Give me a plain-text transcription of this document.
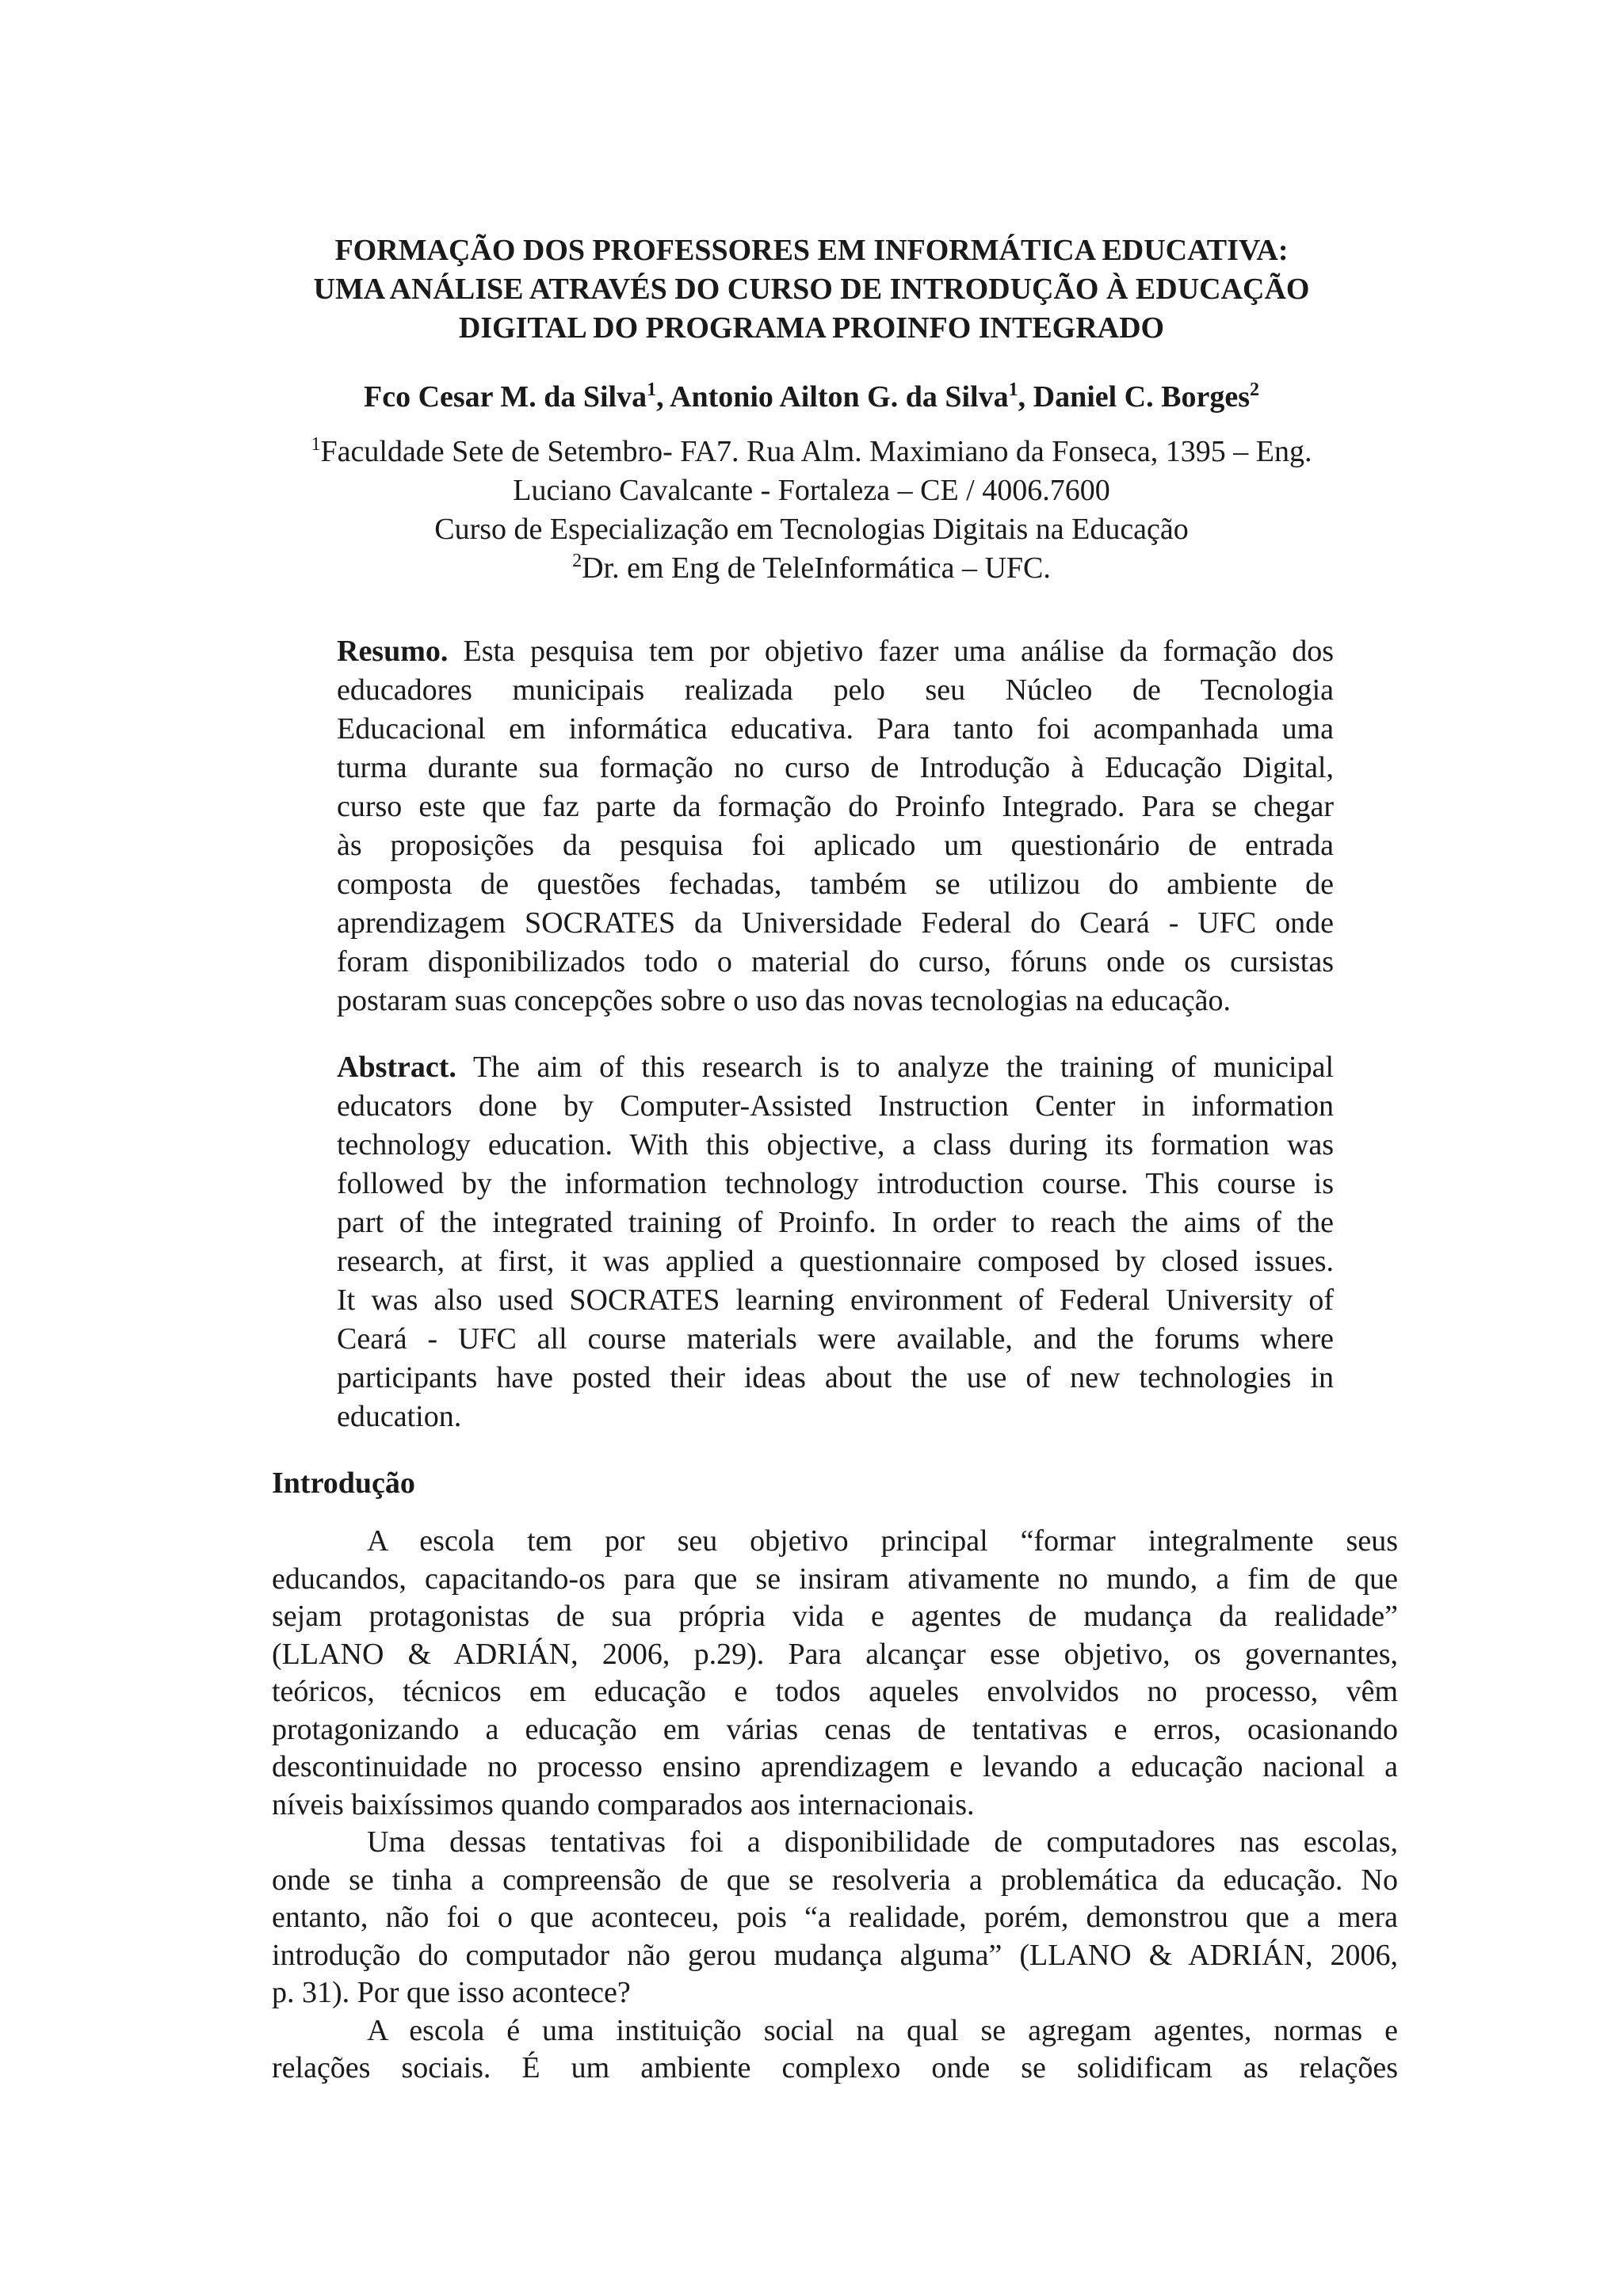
FORMAÇÃO DOS PROFESSORES EM INFORMÁTICA EDUCATIVA:
UMA ANÁLISE ATRAVÉS DO CURSO DE INTRODUÇÃO À EDUCAÇÃO
DIGITAL DO PROGRAMA PROINFO INTEGRADO
Fco Cesar M. da Silva$^1$, Antonio Ailton G. da Silva$^1$, Daniel C. Borges$^2$
$^1$Faculdade Sete de Setembro- FA7. Rua Alm. Maximiano da Fonseca, 1395 – Eng.
Luciano Cavalcante - Fortaleza – CE / 4006.7600
Curso de Especialização em Tecnologias Digitais na Educação
$^2$Dr. em Eng de TeleInformática – UFC.
Resumo. Esta pesquisa tem por objetivo fazer uma análise da formação dos
educadores municipais realizada pelo seu Núcleo de Tecnologia
Educacional em informática educativa. Para tanto foi acompanhada uma
turma durante sua formação no curso de Introdução à Educação Digital,
curso este que faz parte da formação do Proinfo Integrado. Para se chegar
às proposições da pesquisa foi aplicado um questionário de entrada
composta de questões fechadas, também se utilizou do ambiente de
aprendizagem SOCRATES da Universidade Federal do Ceará - UFC onde
foram disponibilizados todo o material do curso, fóruns onde os cursistas
postaram suas concepções sobre o uso das novas tecnologias na educação.
Abstract. The aim of this research is to analyze the training of municipal
educators done by Computer-Assisted Instruction Center in information
technology education. With this objective, a class during its formation was
followed by the information technology introduction course. This course is
part of the integrated training of Proinfo. In order to reach the aims of the
research, at first, it was applied a questionnaire composed by closed issues.
It was also used SOCRATES learning environment of Federal University of
Ceará - UFC all course materials were available, and the forums where
participants have posted their ideas about the use of new technologies in
education.
Introdução
A escola tem por seu objetivo principal “formar integralmente seus
educandos, capacitando-os para que se insiram ativamente no mundo, a fim de que
sejam protagonistas de sua própria vida e agentes de mudança da realidade”
(LLANO & ADRIÁN, 2006, p.29). Para alcançar esse objetivo, os governantes,
teóricos, técnicos em educação e todos aqueles envolvidos no processo, vêm
protagonizando a educação em várias cenas de tentativas e erros, ocasionando
descontinuidade no processo ensino aprendizagem e levando a educação nacional a
níveis baixíssimos quando comparados aos internacionais.
Uma dessas tentativas foi a disponibilidade de computadores nas escolas,
onde se tinha a compreensão de que se resolveria a problemática da educação. No
entanto, não foi o que aconteceu, pois “a realidade, porém, demonstrou que a mera
introdução do computador não gerou mudança alguma” (LLANO & ADRIÁN, 2006,
p. 31). Por que isso acontece?
A escola é uma instituição social na qual se agregam agentes, normas e
relações sociais. É um ambiente complexo onde se solidificam as relações
